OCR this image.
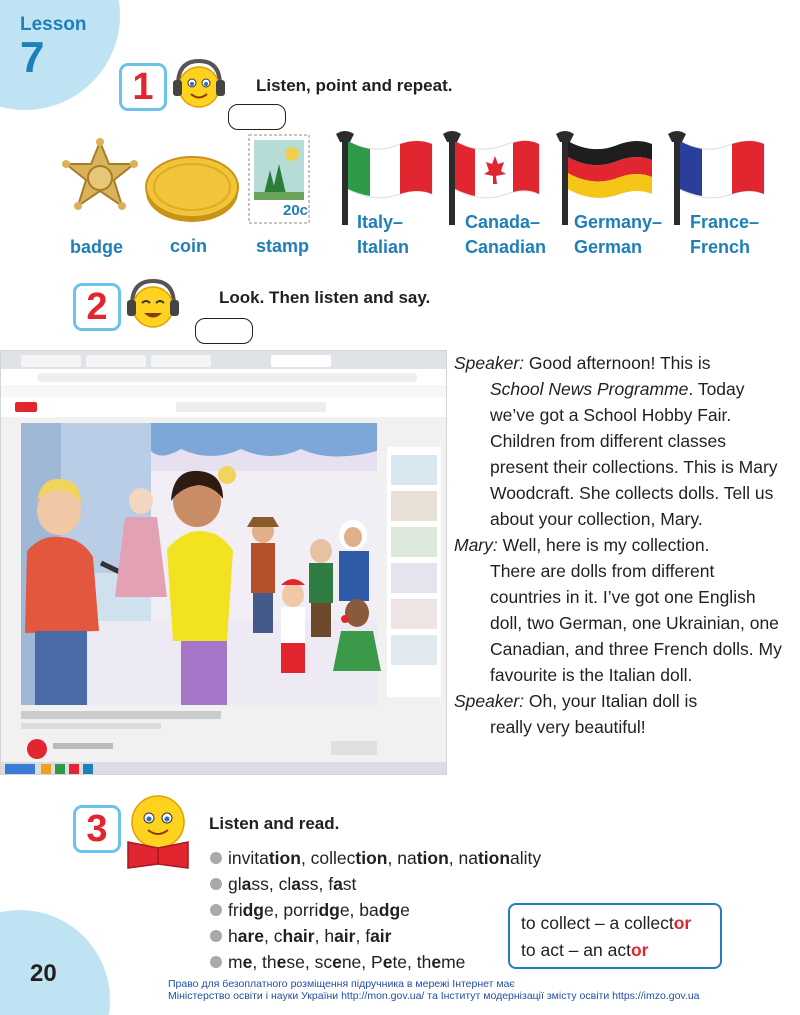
Lesson
7
20
1	Listen, point and repeat.
20c
badge	coin	stamp
Italy–
Italian
Canada–
Canadian
Germany–
German
France–
French
2	Look. Then listen and say.
Speaker: Good afternoon! This is
School News Programme. Today we’ve got a School Hobby Fair. Children from different classes present their collections. This is Mary Woodcraft. She collects dolls. Tell us about your collection, Mary.
Mary: Well, here is my collection.
There are dolls from different countries in it. I’ve got one English doll, two German, one Ukrainian, one Canadian, and three French dolls. My favourite is the Italian doll.
Speaker: Oh, your Italian doll is
really very beautiful!
3	Listen and read.
invitation, collection, nation, nationality
glass, class, fast
fridge, porridge, badge
hare, chair, hair, fair
me, these, scene, Pete, theme
to collect – a collector
to act – an actor
Право для безоплатного розміщення підручника в мережі Інтернет має
Міністерство освіти і науки України http://mon.gov.ua/ та Інститут модернізації змісту освіти https://imzo.gov.ua
